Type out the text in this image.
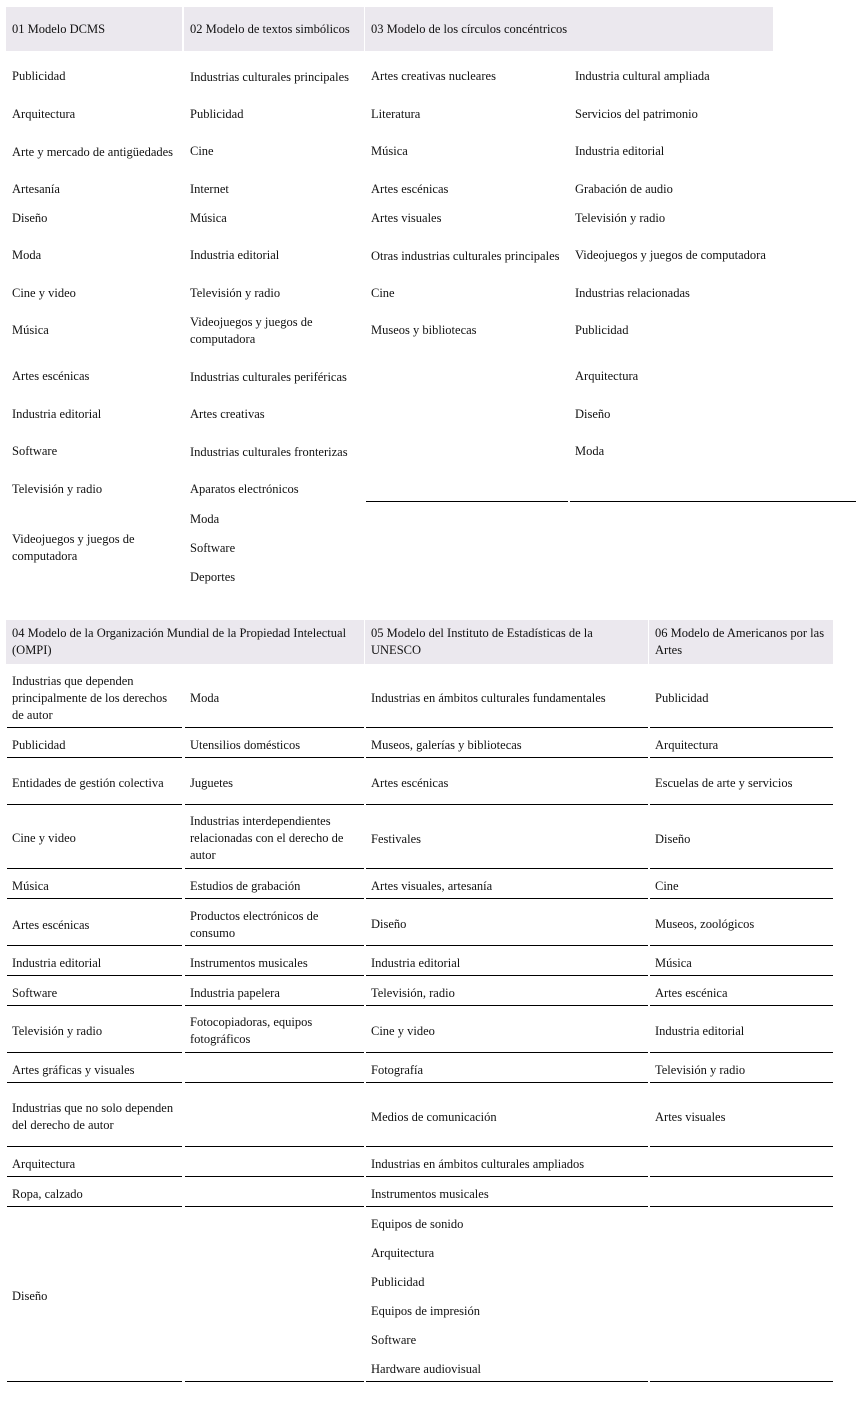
01 Modelo DCMS	02 Modelo de textos simbólicos 03 Modelo de los círculos concéntricos
Publicidad
Arquitectura
Arte y mercado de antigüedades
Artesanía
Diseño
Moda
Cine y video
Música
Artes escénicas
Industria editorial
Software
Televisión y radio
Videojuegos y juegos de computadora
Industrias culturales principales
Publicidad
Cine
Internet
Música
Industria editorial
Televisión y radio
Videojuegos y juegos de computadora
Industrias culturales periféricas
Artes creativas
Industrias culturales fronterizas
Aparatos electrónicos
Moda
Software
Deportes
Artes creativas nucleares
Literatura
Música
Artes escénicas
Artes visuales
Otras industrias culturales principales
Cine
Museos y bibliotecas
Industria cultural ampliada
Servicios del patrimonio
Industria editorial
Grabación de audio
Televisión y radio
Videojuegos y juegos de computadora
Industrias relacionadas
Publicidad
Arquitectura
Diseño
Moda
04 Modelo de la Organización Mundial de la Propiedad Intelectual (OMPI)
05 Modelo del Instituto de Estadísticas de la UNESCO
06 Modelo de Americanos por las Artes
Industrias que dependen principalmente de los derechos de autor
Publicidad
Entidades de gestión colectiva
Cine y video
Música
Artes escénicas
Industria editorial
Software
Televisión y radio
Artes gráficas y visuales
Industrias que no solo dependen del derecho de autor
Arquitectura
Ropa, calzado
Diseño
Moda
Utensilios domésticos
Juguetes
Industrias interdependientes relacionadas con el derecho de autor
Estudios de grabación
Productos electrónicos de consumo
Instrumentos musicales
Industria papelera
Fotocopiadoras, equipos fotográficos
Industrias en ámbitos culturales fundamentales
Museos, galerías y bibliotecas
Artes escénicas
Festivales
Artes visuales, artesanía
Diseño
Industria editorial
Televisión, radio
Cine y video
Fotografía
Medios de comunicación
Industrias en ámbitos culturales ampliados
Instrumentos musicales
Equipos de sonido
Arquitectura
Publicidad
Equipos de impresión
Software
Hardware audiovisual
Publicidad
Arquitectura
Escuelas de arte y servicios
Diseño
Cine
Museos, zoológicos
Música
Artes escénica
Industria editorial
Televisión y radio
Artes visuales
